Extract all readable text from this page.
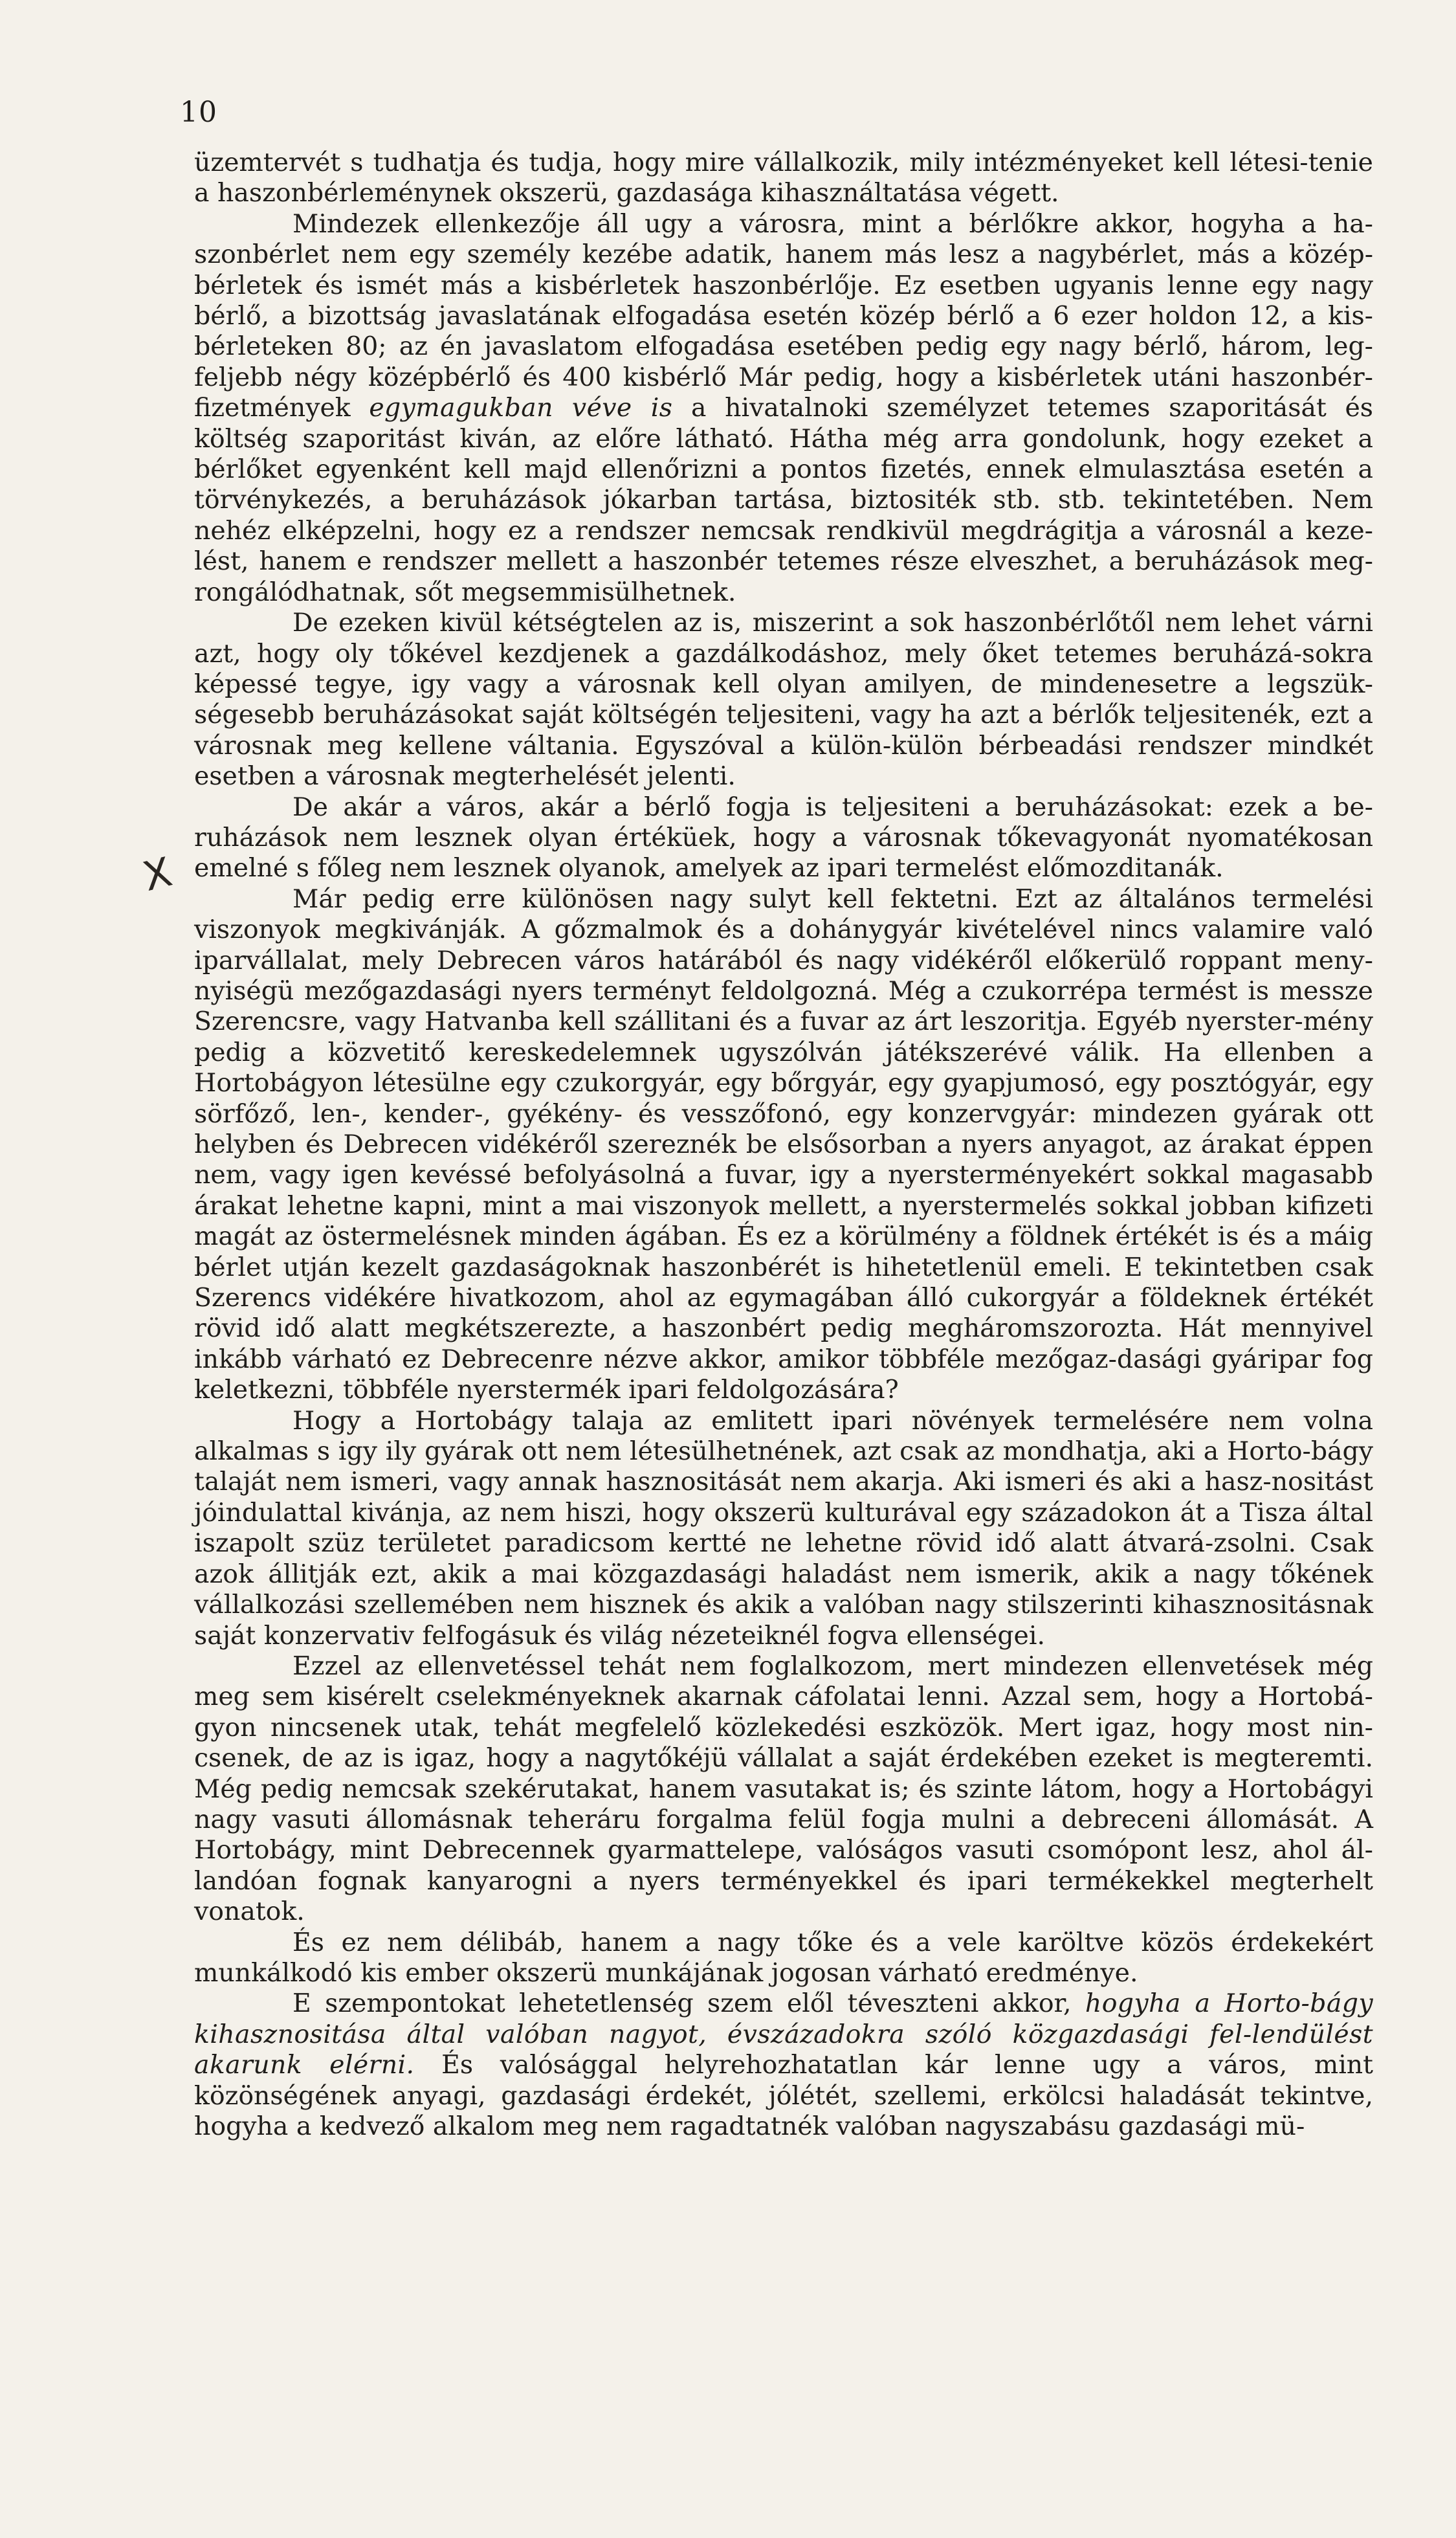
10
X

üzemtervét s tudhatja és tudja, hogy mire vállalkozik, mily intézményeket kell létesi-tenie a haszonbérleménynek okszerü, gazdasága kihasználtatása végett.

Mindezek ellenkezője áll ugy a városra, mint a bérlőkre akkor, hogyha a ha-szonbérlet nem egy személy kezébe adatik, hanem más lesz a nagybérlet, más a közép-bérletek és ismét más a kisbérletek haszonbérlője. Ez esetben ugyanis lenne egy nagy bérlő, a bizottság javaslatának elfogadása esetén közép bérlő a 6 ezer holdon 12, a kis-bérleteken 80; az én javaslatom elfogadása esetében pedig egy nagy bérlő, három, leg-feljebb négy középbérlő és 400 kisbérlő Már pedig, hogy a kisbérletek utáni haszonbér-fizetmények egymagukban véve is a hivatalnoki személyzet tetemes szaporitását és költség szaporitást kiván, az előre látható. Hátha még arra gondolunk, hogy ezeket a bérlőket egyenként kell majd ellenőrizni a pontos fizetés, ennek elmulasztása esetén a törvénykezés, a beruházások jókarban tartása, biztositék stb. stb. tekintetében. Nem nehéz elképzelni, hogy ez a rendszer nemcsak rendkivül megdrágitja a városnál a keze-lést, hanem e rendszer mellett a haszonbér tetemes része elveszhet, a beruházások meg-rongálódhatnak, sőt megsemmisülhetnek.

De ezeken kivül kétségtelen az is, miszerint a sok haszonbérlőtől nem lehet várni azt, hogy oly tőkével kezdjenek a gazdálkodáshoz, mely őket tetemes beruházá-sokra képessé tegye, igy vagy a városnak kell olyan amilyen, de mindenesetre a legszük-ségesebb beruházásokat saját költségén teljesiteni, vagy ha azt a bérlők teljesitenék, ezt a városnak meg kellene váltania. Egyszóval a külön-külön bérbeadási rendszer mindkét esetben a városnak megterhelését jelenti.

De akár a város, akár a bérlő fogja is teljesiteni a beruházásokat: ezek a be-ruházások nem lesznek olyan értéküek, hogy a városnak tőkevagyonát nyomatékosan emelné s főleg nem lesznek olyanok, amelyek az ipari termelést előmozditanák.

Már pedig erre különösen nagy sulyt kell fektetni. Ezt az általános termelési viszonyok megkivánják. A gőzmalmok és a dohánygyár kivételével nincs valamire való iparvállalat, mely Debrecen város határából és nagy vidékéről előkerülő roppant meny-nyiségü mezőgazdasági nyers terményt feldolgozná. Még a czukorrépa termést is messze Szerencsre, vagy Hatvanba kell szállitani és a fuvar az árt leszoritja. Egyéb nyerster-mény pedig a közvetitő kereskedelemnek ugyszólván játékszerévé válik. Ha ellenben a Hortobágyon létesülne egy czukorgyár, egy bőrgyár, egy gyapjumosó, egy posztógyár, egy sörfőző, len-, kender-, gyékény- és vesszőfonó, egy konzervgyár: mindezen gyárak ott helyben és Debrecen vidékéről szereznék be elsősorban a nyers anyagot, az árakat éppen nem, vagy igen kevéssé befolyásolná a fuvar, igy a nyersterményekért sokkal magasabb árakat lehetne kapni, mint a mai viszonyok mellett, a nyerstermelés sokkal jobban kifizeti magát az östermelésnek minden ágában. És ez a körülmény a földnek értékét is és a máig bérlet utján kezelt gazdaságoknak haszonbérét is hihetetlenül emeli. E tekintetben csak Szerencs vidékére hivatkozom, ahol az egymagában álló cukorgyár a földeknek értékét rövid idő alatt megkétszerezte, a haszonbért pedig megháromszorozta. Hát mennyivel inkább várható ez Debrecenre nézve akkor, amikor többféle mezőgaz-dasági gyáripar fog keletkezni, többféle nyerstermék ipari feldolgozására?

Hogy a Hortobágy talaja az emlitett ipari növények termelésére nem volna alkalmas s igy ily gyárak ott nem létesülhetnének, azt csak az mondhatja, aki a Horto-bágy talaját nem ismeri, vagy annak hasznositását nem akarja. Aki ismeri és aki a hasz-nositást jóindulattal kivánja, az nem hiszi, hogy okszerü kulturával egy századokon át a Tisza által iszapolt szüz területet paradicsom kertté ne lehetne rövid idő alatt átvará-zsolni. Csak azok állitják ezt, akik a mai közgazdasági haladást nem ismerik, akik a nagy tőkének vállalkozási szellemében nem hisznek és akik a valóban nagy stilszerinti kihasznositásnak saját konzervativ felfogásuk és világ nézeteiknél fogva ellenségei.

Ezzel az ellenvetéssel tehát nem foglalkozom, mert mindezen ellenvetések még meg sem kisérelt cselekményeknek akarnak cáfolatai lenni. Azzal sem, hogy a Hortobá-gyon nincsenek utak, tehát megfelelő közlekedési eszközök. Mert igaz, hogy most nin-csenek, de az is igaz, hogy a nagytőkéjü vállalat a saját érdekében ezeket is megteremti. Még pedig nemcsak szekérutakat, hanem vasutakat is; és szinte látom, hogy a Hortobágyi nagy vasuti állomásnak teheráru forgalma felül fogja mulni a debreceni állomását. A Hortobágy, mint Debrecennek gyarmattelepe, valóságos vasuti csomópont lesz, ahol ál-landóan fognak kanyarogni a nyers terményekkel és ipari termékekkel megterhelt vonatok.

És ez nem délibáb, hanem a nagy tőke és a vele karöltve közös érdekekért munkálkodó kis ember okszerü munkájának jogosan várható eredménye.

E szempontokat lehetetlenség szem elől téveszteni akkor, hogyha a Horto-bágy kihasznositása által valóban nagyot, évszázadokra szóló közgazdasági fel-lendülést akarunk elérni. És valósággal helyrehozhatatlan kár lenne ugy a város, mint közönségének anyagi, gazdasági érdekét, jólétét, szellemi, erkölcsi haladását tekintve, hogyha a kedvező alkalom meg nem ragadtatnék valóban nagyszabásu gazdasági mü-
